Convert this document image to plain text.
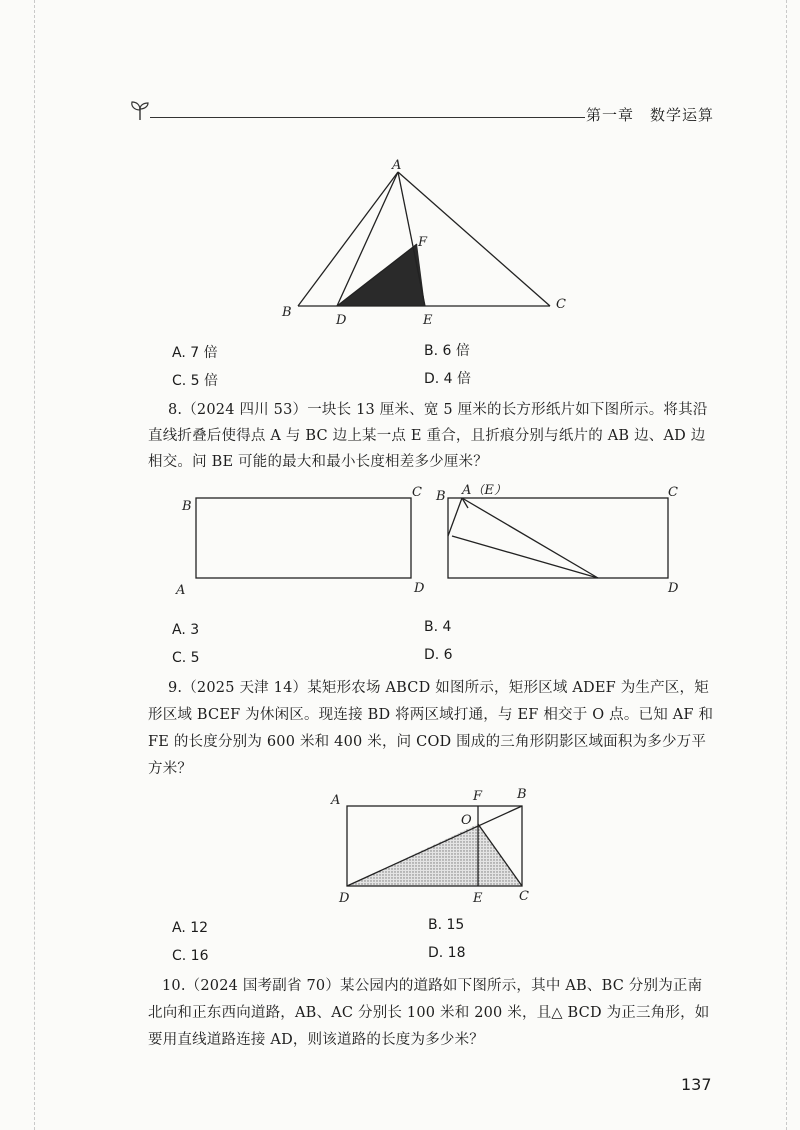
第一章　数学运算
A
F
B
D	E
C
A. 7 倍	B. 6 倍
C. 5 倍	D. 4 倍
8.（2024 四川 53）一块长 13 厘米、宽 5 厘米的长方形纸片如下图所示。将其沿
直线折叠后使得点 A 与 BC 边上某一点 E 重合，且折痕分别与纸片的 AB 边、AD 边
相交。问 BE 可能的最大和最小长度相差多少厘米？
B
C
A	D
B A（E）	C
D
A. 3	B. 4
C. 5	D. 6
9.（2025 天津 14）某矩形农场 ABCD 如图所示，矩形区域 ADEF 为生产区，矩
形区域 BCEF 为休闲区。现连接 BD 将两区域打通，与 EF 相交于 O 点。已知 AF 和
FE 的长度分别为 600 米和 400 米，问 COD 围成的三角形阴影区域面积为多少万平
方米？
A	F	B
O
D	E	C
A. 12	B. 15
C. 16	D. 18
10.（2024 国考副省 70）某公园内的道路如下图所示，其中 AB、BC 分别为正南
北向和正东西向道路，AB、AC 分别长 100 米和 200 米，且△ BCD 为正三角形，如
要用直线道路连接 AD，则该道路的长度为多少米？
137
